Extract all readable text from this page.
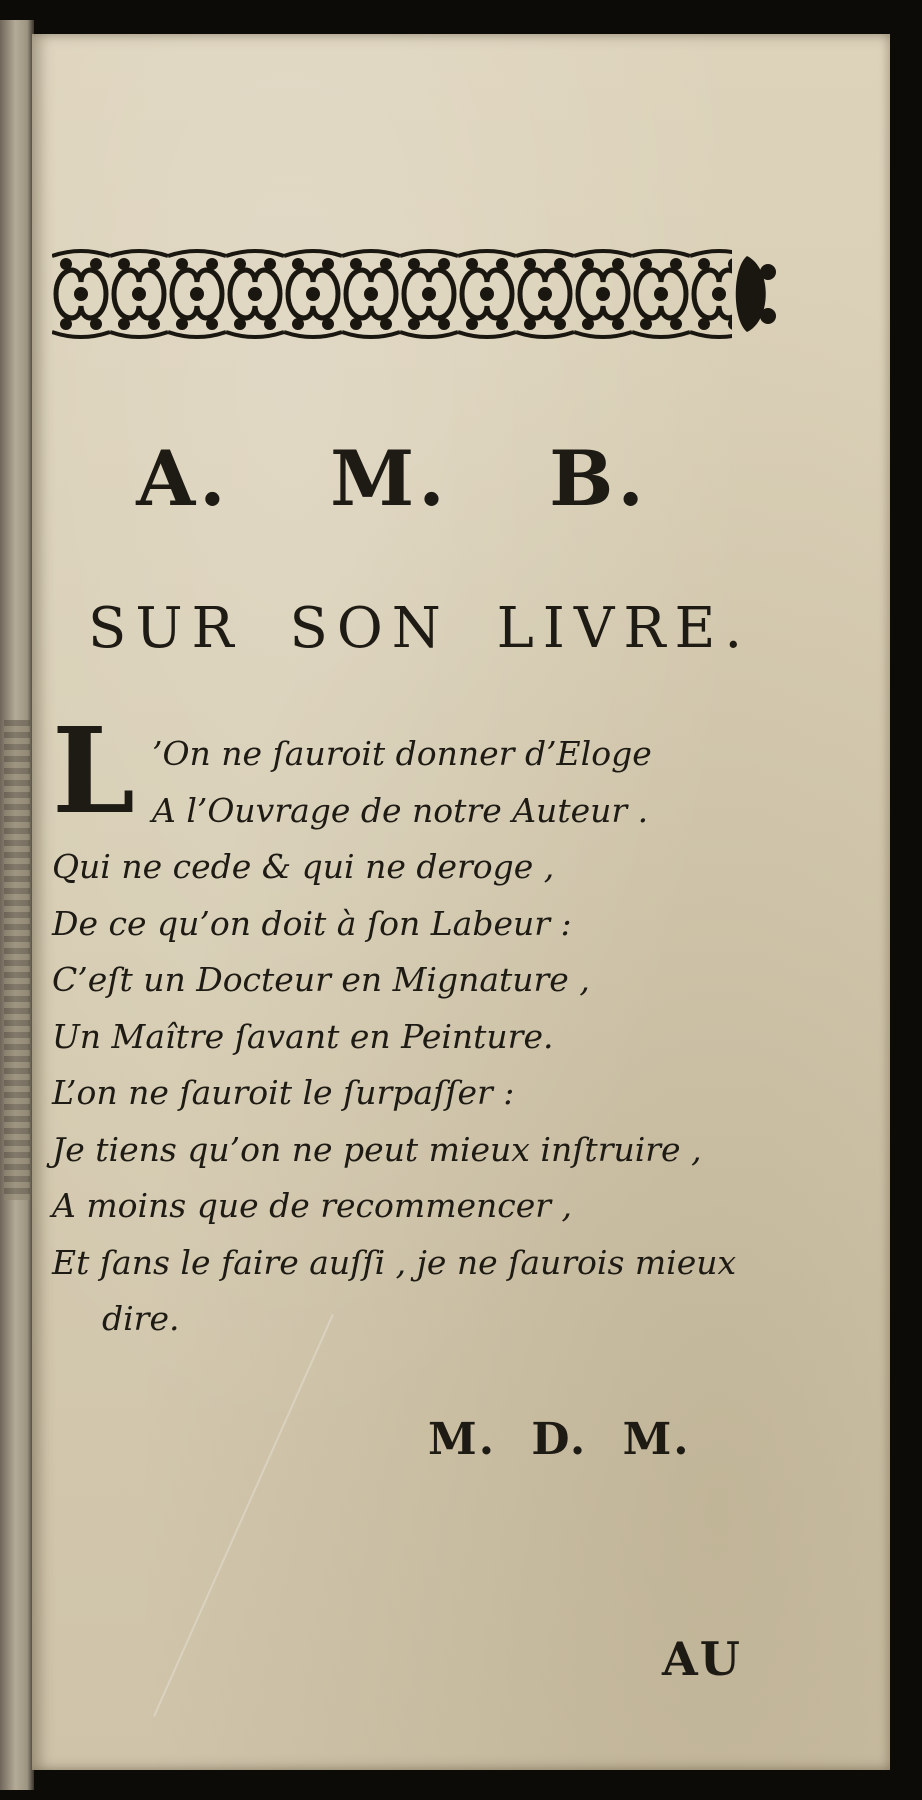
A. M. B.
SUR SON LIVRE.
L ’On ne ſauroit donner d’Eloge
A l’Ouvrage de notre Auteur .
Qui ne cede & qui ne deroge ,
De ce qu’on doit à ſon Labeur :
C’eſt un Docteur en Mignature ,
Un Maître ſavant en Peinture.
L’on ne ſauroit le ſurpaſſer :
Je tiens qu’on ne peut mieux inſtruire ,
A moins que de recommencer ,
Et ſans le faire auſſi , je ne ſaurois mieux
dire.
M. D. M.
AU
